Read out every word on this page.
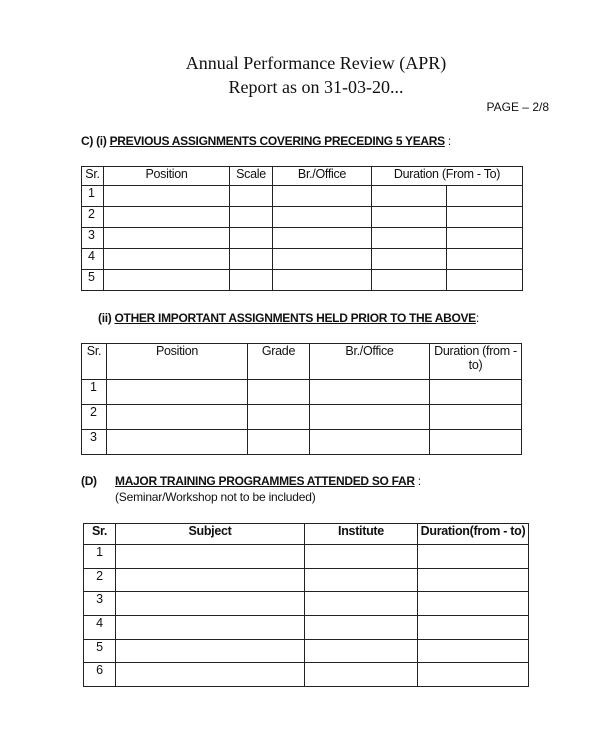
Annual Performance Review (APR)
Report as on 31-03-20...
PAGE – 2/8
C) (i) PREVIOUS ASSIGNMENTS COVERING PRECEDING 5 YEARS :
Sr.	Position	Scale	Br./Office	Duration (From - To)	
1					
2					
3					
4					
5					
(ii) OTHER IMPORTANT ASSIGNMENTS HELD PRIOR TO THE ABOVE:
Sr.	Position	Grade	Br./Office	Duration (from - to)
1				
2				
3				
(D) MAJOR TRAINING PROGRAMMES ATTENDED SO FAR :
(Seminar/Workshop not to be included)
Sr.	Subject	Institute	Duration(from - to)
1			
2			
3			
4			
5			
6			
